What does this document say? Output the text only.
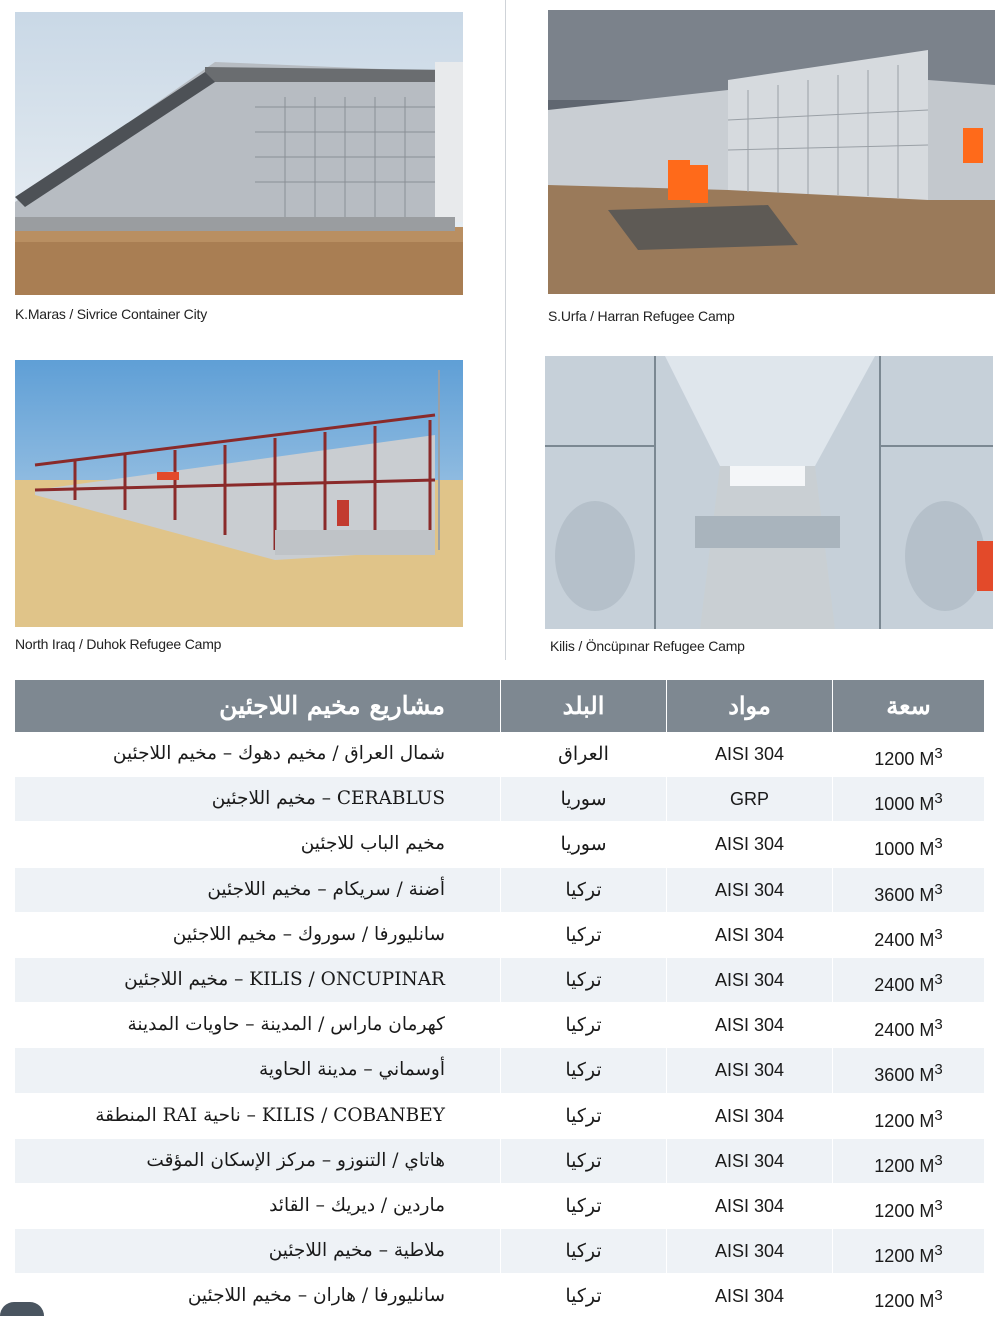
K.Maras / Sivrice Container City	S.Urfa / Harran Refugee Camp
North Iraq / Duhok Refugee Camp	Kilis / Öncüpınar Refugee Camp
مشاريع مخيم اللاجئين	البلد	مواد	سعة
شمال العراق / مخيم دهوك – مخيم اللاجئين	العراق	AISI 304	1200 $M^3$
CERABLUS – مخيم اللاجئين	سوريا	GRP	1000 $M^3$
مخيم الباب للاجئين	سوريا	AISI 304	1000 $M^3$
أضنة / سريكام – مخيم اللاجئين	تركيا	AISI 304	3600 $M^3$
سانليورفا / سوروك – مخيم اللاجئين	تركيا	AISI 304	2400 $M^3$
KILIS / ONCUPINAR – مخيم اللاجئين	تركيا	AISI 304	2400 $M^3$
كهرمان ماراس / المدينة – حاويات المدينة	تركيا	AISI 304	2400 $M^3$
أوسماني – مدينة الحاوية	تركيا	AISI 304	3600 $M^3$
KILIS / COBANBEY – ناحية RAI المنطقة	تركيا	AISI 304	1200 $M^3$
هاتاي / التنوزو – مركز الإسكان المؤقت	تركيا	AISI 304	1200 $M^3$
ماردين / ديريك – القائد	تركيا	AISI 304	1200 $M^3$
ملاطية – مخيم اللاجئين	تركيا	AISI 304	1200 $M^3$
سانليورفا / هاران – مخيم اللاجئين	تركيا	AISI 304	1200 $M^3$
